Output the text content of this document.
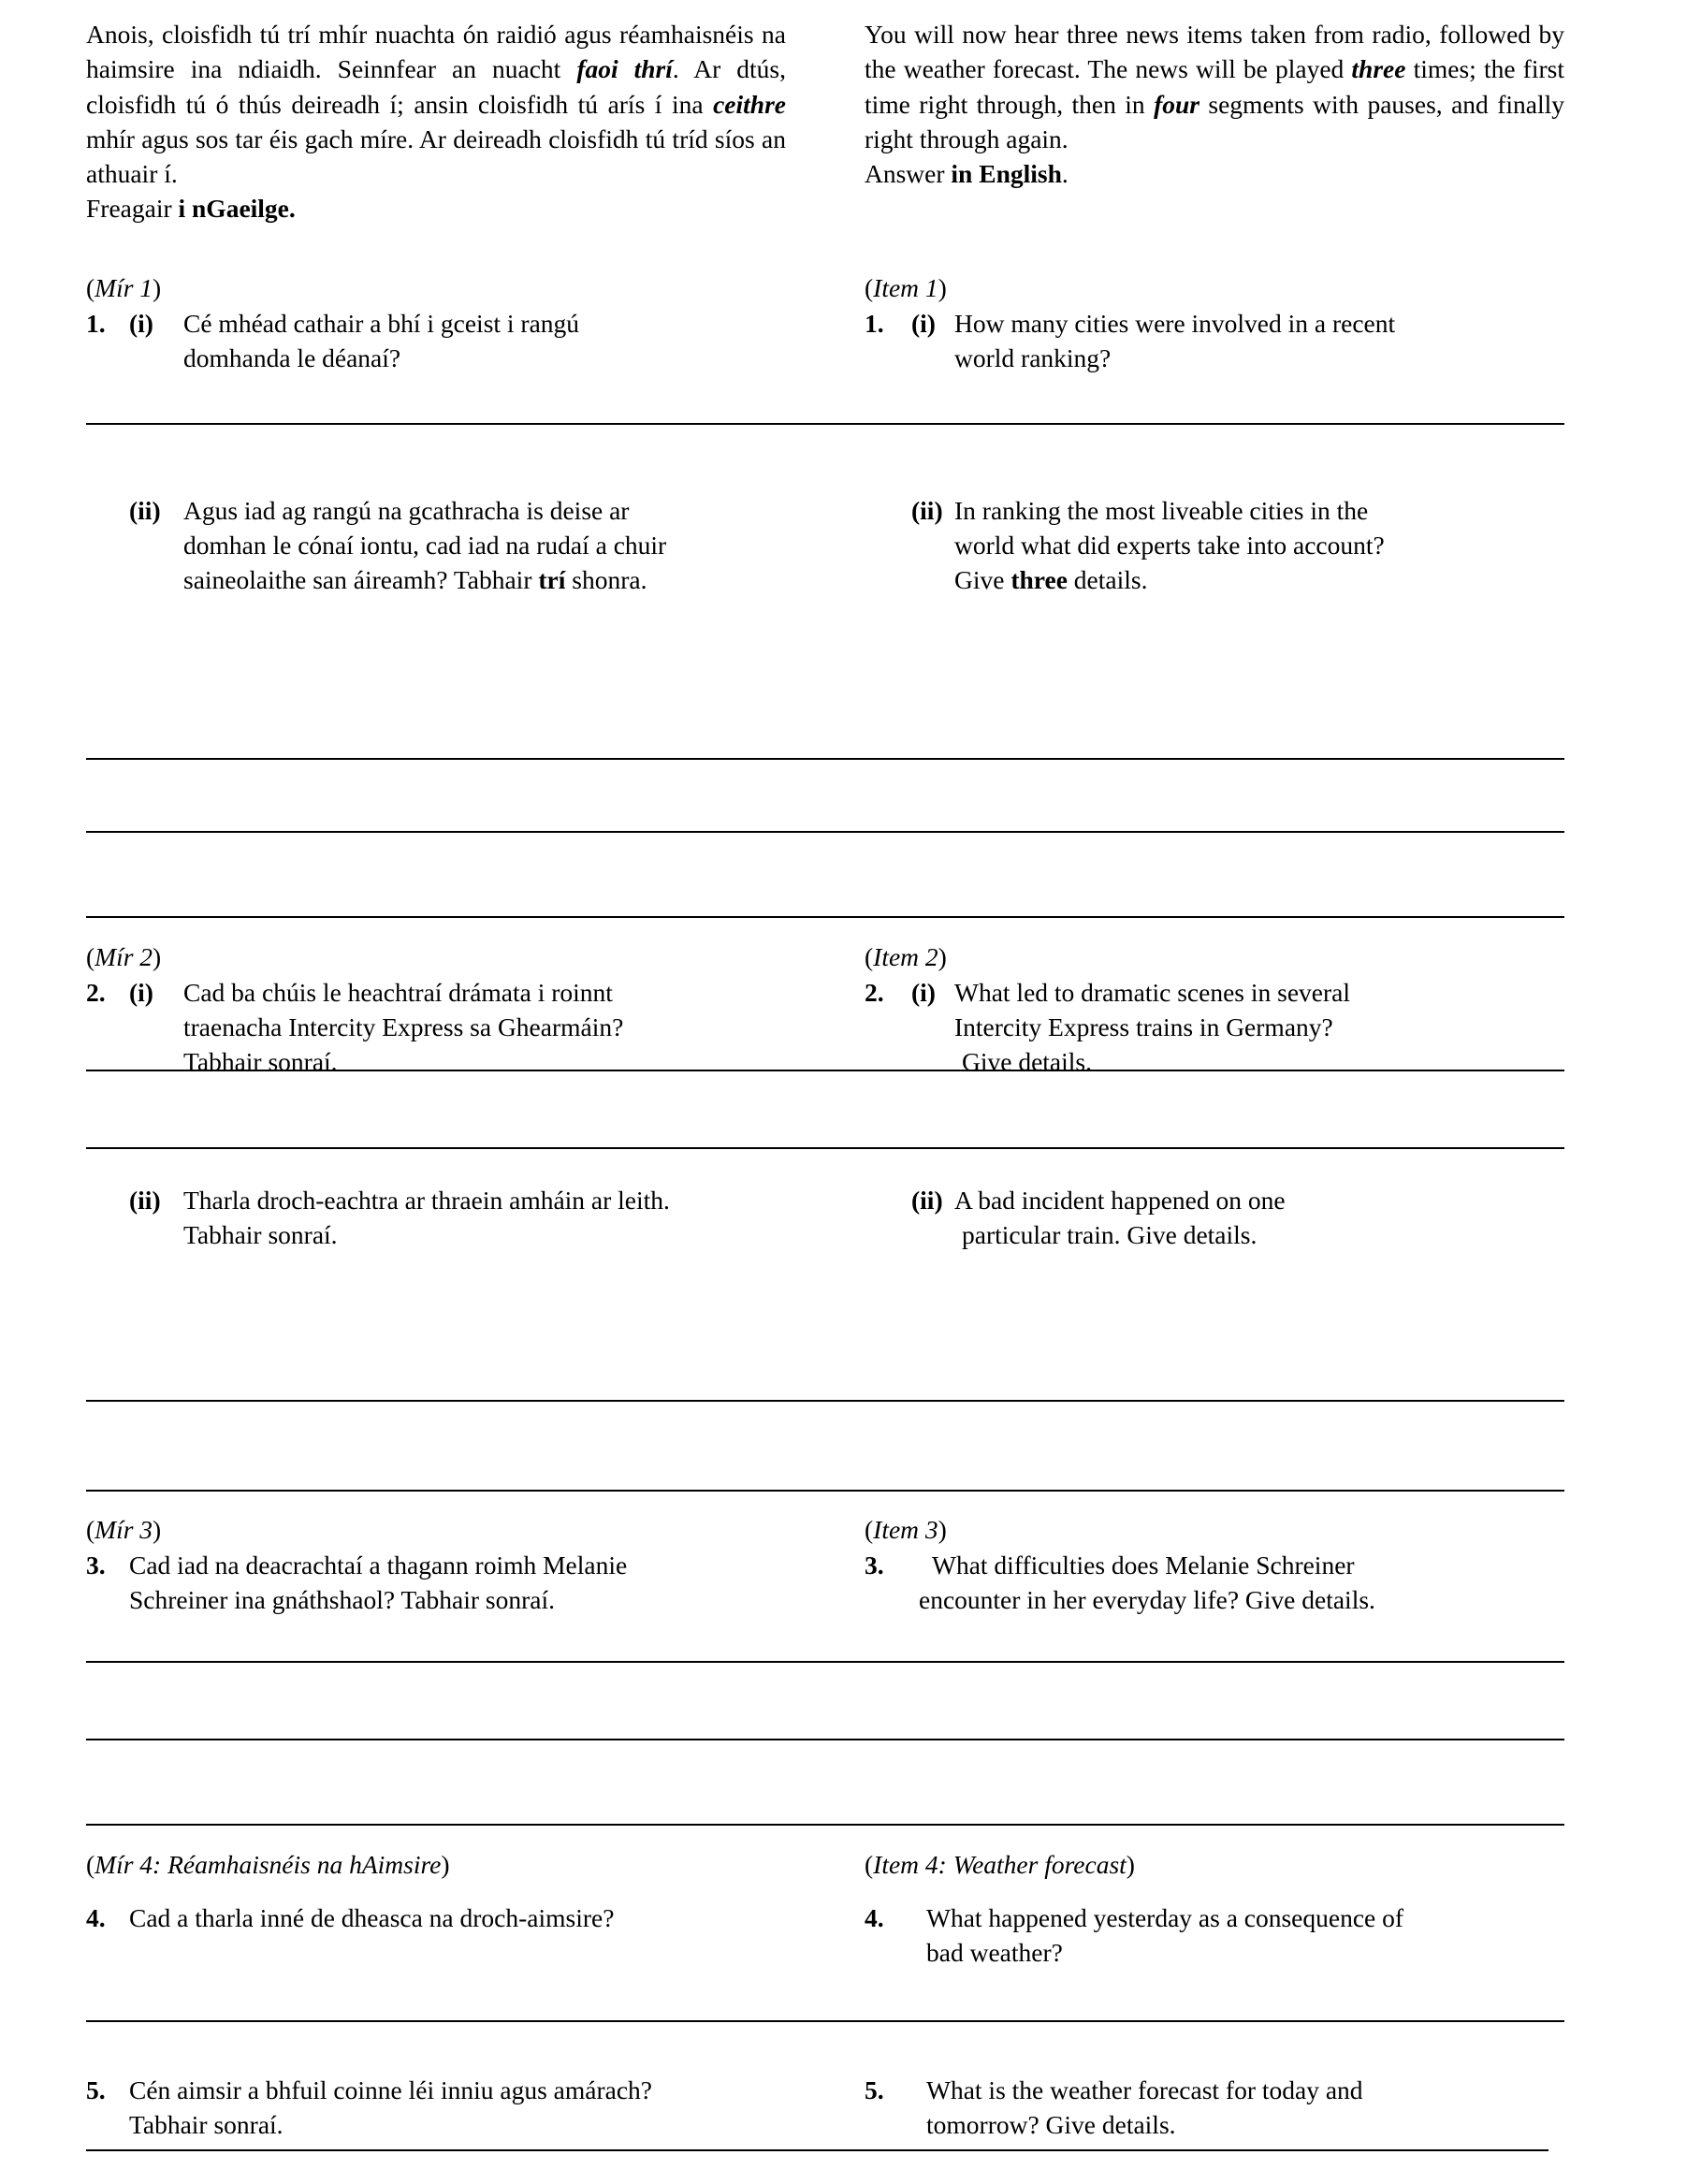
Anois, cloisfidh tú trí mhír nuachta ón raidió agus réamhaisnéis na haimsire ina ndiaidh. Seinnfear an nuacht faoi thrí. Ar dtús, cloisfidh tú ó thús deireadh í; ansin cloisfidh tú arís í ina ceithre mhír agus sos tar éis gach míre. Ar deireadh cloisfidh tú tríd síos an athuair í.

Freagair i nGaeilge.

You will now hear three news items taken from radio, followed by the weather forecast. The news will be played three times; the first time right through, then in four segments with pauses, and finally right through again.

Answer in English.

(Mír 1)
1. (i)	Cé mhéad cathair a bhí i gceist i rangú
domhanda le déanaí?
(Item 1)
1.	(i) How many cities were involved in a recent
world ranking?
(ii) Agus iad ag rangú na gcathracha is deise ar
domhan le cónaí iontu, cad iad na rudaí a chuir
saineolaithe san áireamh? Tabhair trí shonra.
(ii) In ranking the most liveable cities in the
world what did experts take into account?
Give three details.
(Mír 2)
2. (i)	Cad ba chúis le heachtraí drámata i roinnt
traenacha Intercity Express sa Ghearmáin?
Tabhair sonraí.
(Item 2)
2.	(i) What led to dramatic scenes in several
Intercity Express trains in Germany?

Give details.
(ii) Tharla droch-eachtra ar thraein amháin ar leith.
Tabhair sonraí.
(ii) A bad incident happened on one

particular train. Give details.
(Mír 3)
3. Cad iad na deacrachtaí a thagann roimh Melanie
Schreiner ina gnáthshaol? Tabhair sonraí.
(Item 3)
3.	What difficulties does Melanie Schreiner

encounter in her everyday life? Give details.
(Mír 4: Réamhaisnéis na hAimsire)	(Item 4: Weather forecast)
4. Cad a tharla inné de dheasca na droch-aimsire?	4.	What happened yesterday as a consequence of
bad weather?
5. Cén aimsir a bhfuil coinne léi inniu agus amárach?
Tabhair sonraí.
5.	What is the weather forecast for today and
tomorrow? Give details.
